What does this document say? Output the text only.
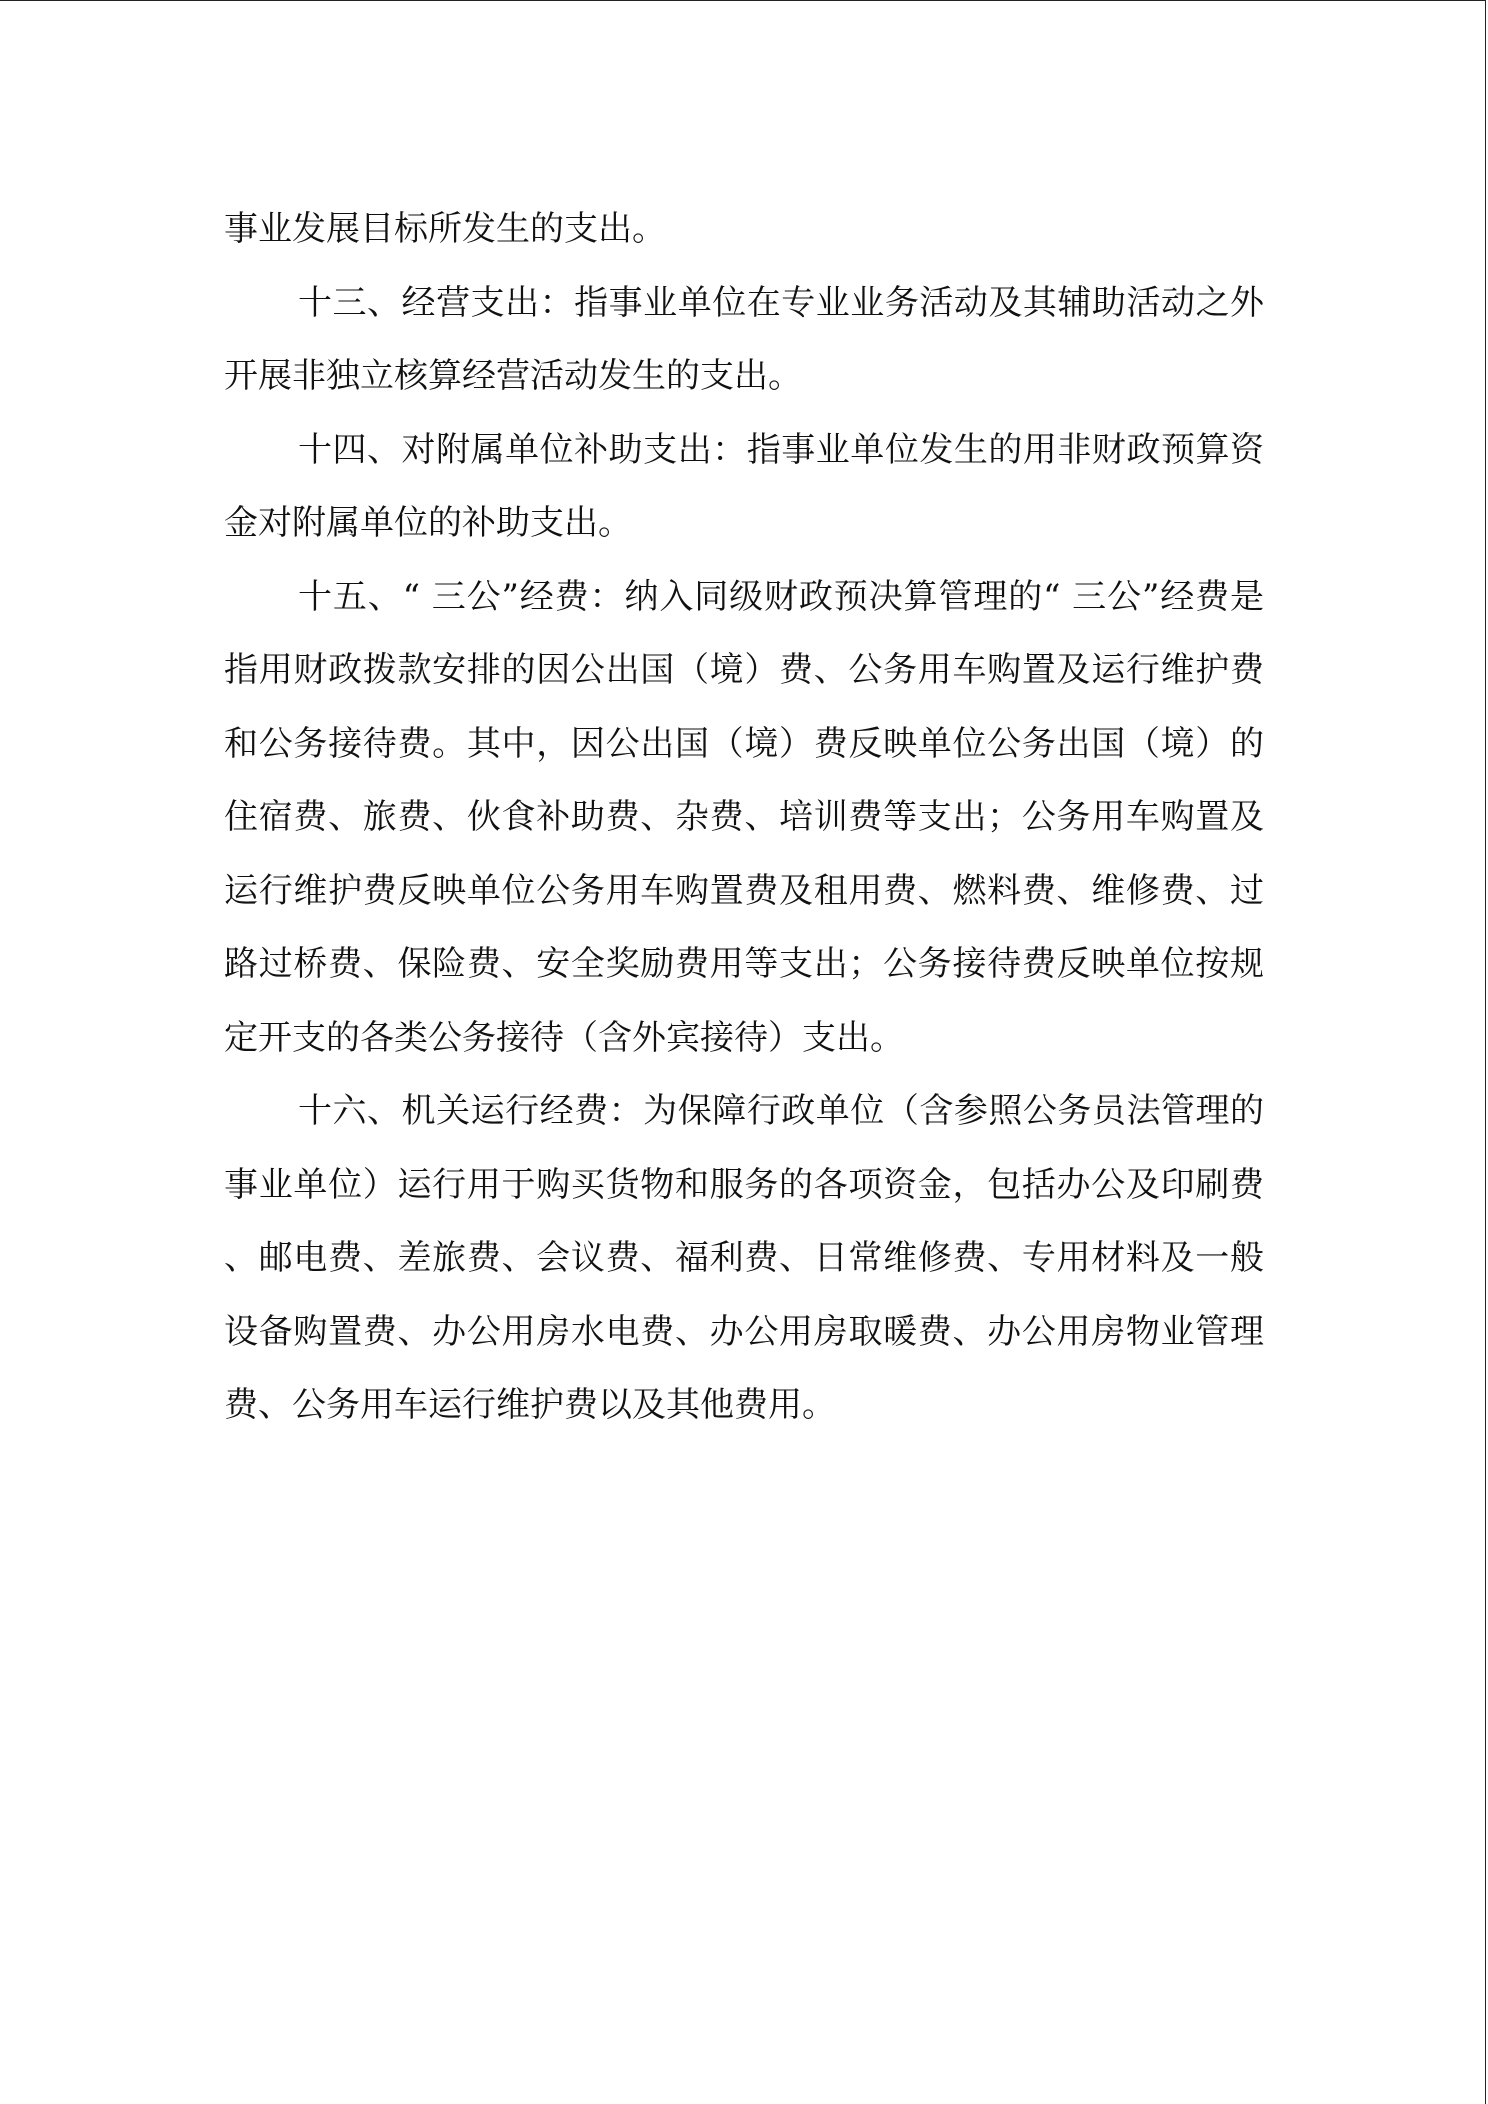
事业发展目标所发生的支出。

十三、经营支出：指事业单位在专业业务活动及其辅助活动之外开展非独立核算经营活动发生的支出。

十四、对附属单位补助支出：指事业单位发生的用非财政预算资金对附属单位的补助支出。

十五、“ 三公”经费：纳入同级财政预决算管理的“ 三公”经费是指用财政拨款安排的因公出国（境）费、公务用车购置及运行维护费和公务接待费。其中，因公出国（境）费反映单位公务出国（境）的住宿费、旅费、伙食补助费、杂费、培训费等支出；公务用车购置及运行维护费反映单位公务用车购置费及租用费、燃料费、维修费、过路过桥费、保险费、安全奖励费用等支出；公务接待费反映单位按规定开支的各类公务接待（含外宾接待）支出。

十六、机关运行经费：为保障行政单位（含参照公务员法管理的事业单位）运行用于购买货物和服务的各项资金，包括办公及印刷费、邮电费、差旅费、会议费、福利费、日常维修费、专用材料及一般设备购置费、办公用房水电费、办公用房取暖费、办公用房物业管理费、公务用车运行维护费以及其他费用。
